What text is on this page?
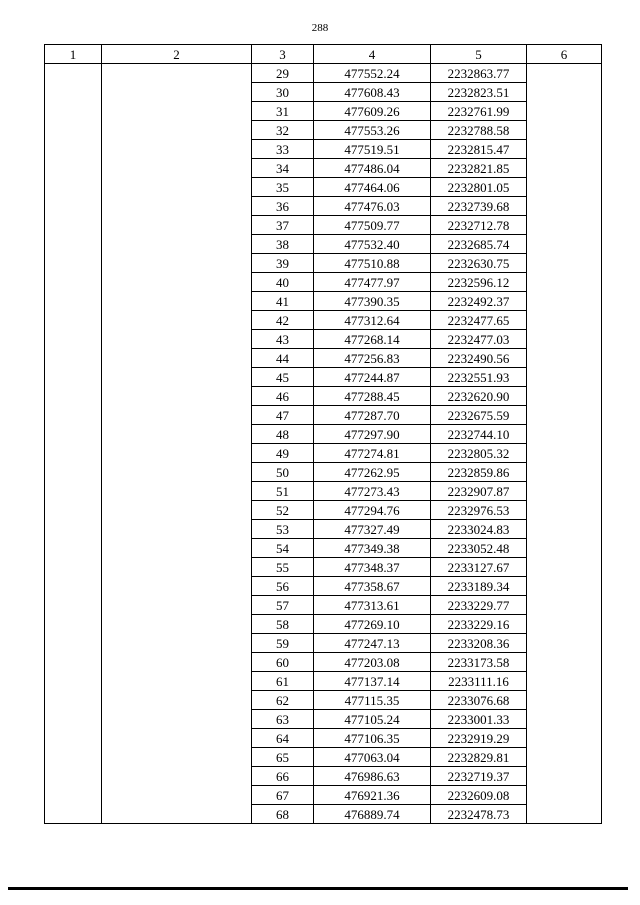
288
1	2	3	4	5	6
		29	477552.24	2232863.77	
		30	477608.43	2232823.51	
		31	477609.26	2232761.99	
		32	477553.26	2232788.58	
		33	477519.51	2232815.47	
		34	477486.04	2232821.85	
		35	477464.06	2232801.05	
		36	477476.03	2232739.68	
		37	477509.77	2232712.78	
		38	477532.40	2232685.74	
		39	477510.88	2232630.75	
		40	477477.97	2232596.12	
		41	477390.35	2232492.37	
		42	477312.64	2232477.65	
		43	477268.14	2232477.03	
		44	477256.83	2232490.56	
		45	477244.87	2232551.93	
		46	477288.45	2232620.90	
		47	477287.70	2232675.59	
		48	477297.90	2232744.10	
		49	477274.81	2232805.32	
		50	477262.95	2232859.86	
		51	477273.43	2232907.87	
		52	477294.76	2232976.53	
		53	477327.49	2233024.83	
		54	477349.38	2233052.48	
		55	477348.37	2233127.67	
		56	477358.67	2233189.34	
		57	477313.61	2233229.77	
		58	477269.10	2233229.16	
		59	477247.13	2233208.36	
		60	477203.08	2233173.58	
		61	477137.14	2233111.16	
		62	477115.35	2233076.68	
		63	477105.24	2233001.33	
		64	477106.35	2232919.29	
		65	477063.04	2232829.81	
		66	476986.63	2232719.37	
		67	476921.36	2232609.08	
		68	476889.74	2232478.73	
